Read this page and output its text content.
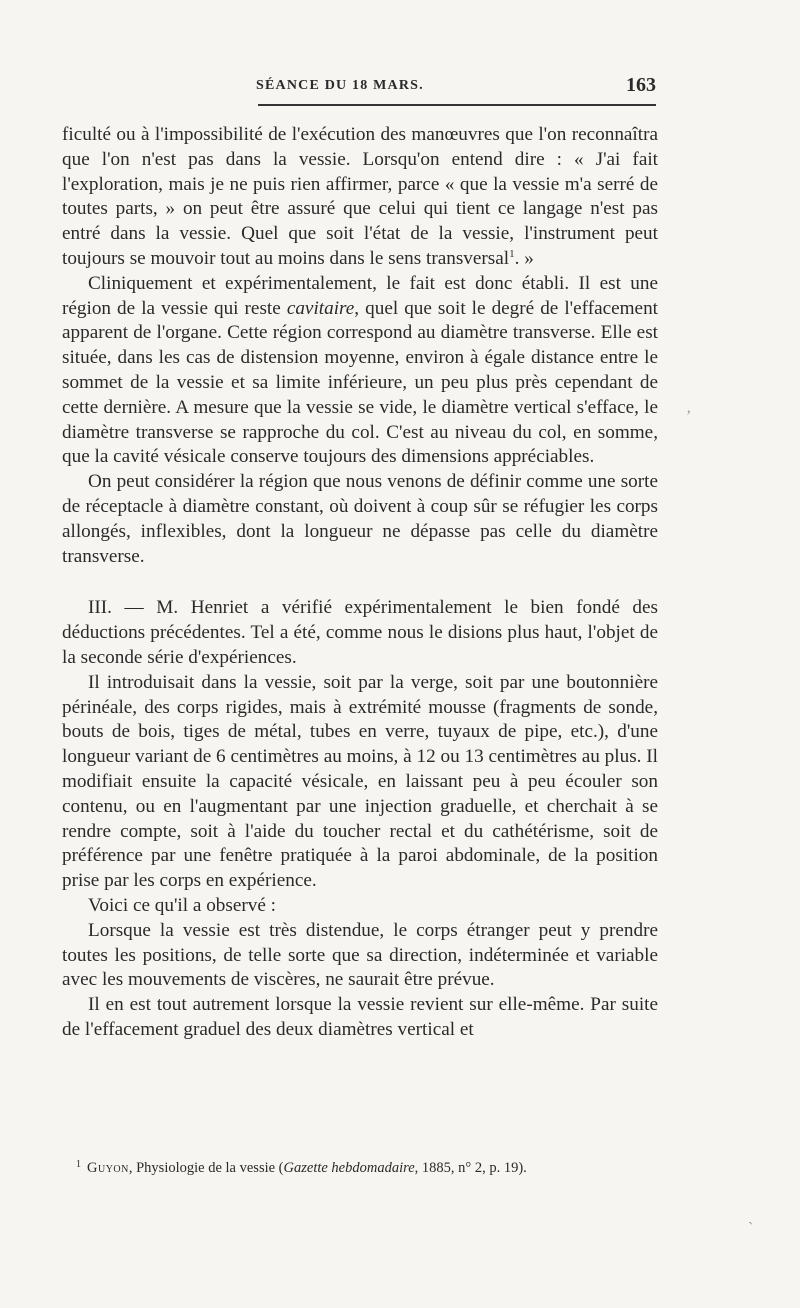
SÉANCE DU 18 MARS.	163

ficulté ou à l'impossibilité de l'exécution des manœuvres que l'on reconnaîtra que l'on n'est pas dans la vessie. Lorsqu'on entend dire : « J'ai fait l'exploration, mais je ne puis rien affirmer, parce « que la vessie m'a serré de toutes parts, » on peut être assuré que celui qui tient ce langage n'est pas entré dans la vessie. Quel que soit l'état de la vessie, l'instrument peut toujours se mouvoir tout au moins dans le sens transversal$^1$. »

Cliniquement et expérimentalement, le fait est donc établi. Il est une région de la vessie qui reste cavitaire, quel que soit le degré de l'effacement apparent de l'organe. Cette région correspond au diamètre transverse. Elle est située, dans les cas de distension moyenne, environ à égale distance entre le sommet de la vessie et sa limite inférieure, un peu plus près cependant de cette dernière. A mesure que la vessie se vide, le diamètre vertical s'efface, le diamètre transverse se rapproche du col. C'est au niveau du col, en somme, que la cavité vésicale conserve toujours des dimensions appréciables.

On peut considérer la région que nous venons de définir comme une sorte de réceptacle à diamètre constant, où doivent à coup sûr se réfugier les corps allongés, inflexibles, dont la longueur ne dépasse pas celle du diamètre transverse.

III. — M. Henriet a vérifié expérimentalement le bien fondé des déductions précédentes. Tel a été, comme nous le disions plus haut, l'objet de la seconde série d'expériences.

Il introduisait dans la vessie, soit par la verge, soit par une boutonnière périnéale, des corps rigides, mais à extrémité mousse (fragments de sonde, bouts de bois, tiges de métal, tubes en verre, tuyaux de pipe, etc.), d'une longueur variant de 6 centimètres au moins, à 12 ou 13 centimètres au plus. Il modifiait ensuite la capacité vésicale, en laissant peu à peu écouler son contenu, ou en l'augmentant par une injection graduelle, et cherchait à se rendre compte, soit à l'aide du toucher rectal et du cathétérisme, soit de préférence par une fenêtre pratiquée à la paroi abdominale, de la position prise par les corps en expérience.

Voici ce qu'il a observé :

Lorsque la vessie est très distendue, le corps étranger peut y prendre toutes les positions, de telle sorte que sa direction, indéterminée et variable avec les mouvements de viscères, ne saurait être prévue.

Il en est tout autrement lorsque la vessie revient sur elle-même. Par suite de l'effacement graduel des deux diamètres vertical et

$^1$ Guyon, Physiologie de la vessie (Gazette hebdomadaire, 1885, n° 2, p. 19).
ʼ
ˋ
